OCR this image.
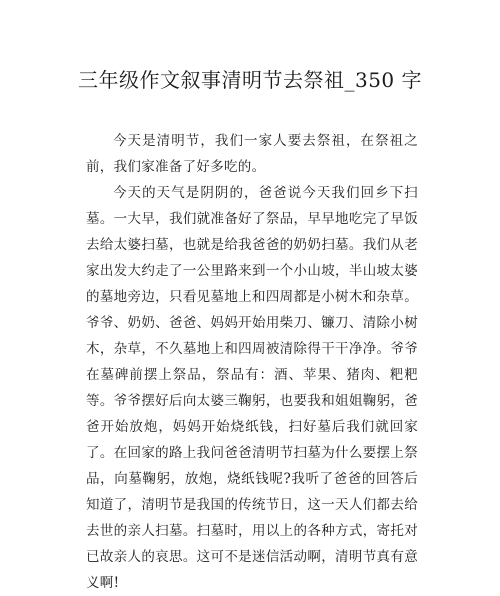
三年级作文叙事清明节去祭祖_350 字

今天是清明节，我们一家人要去祭祖，在祭祖之前，我们家准备了好多吃的。

今天的天气是阴阴的，爸爸说今天我们回乡下扫墓。一大早，我们就准备好了祭品，早早地吃完了早饭去给太婆扫墓，也就是给我爸爸的奶奶扫墓。我们从老家出发大约走了一公里路来到一个小山坡，半山坡太婆的墓地旁边，只看见墓地上和四周都是小树木和杂草。爷爷、奶奶、爸爸、妈妈开始用柴刀、镰刀、清除小树木，杂草，不久墓地上和四周被清除得干干净净。爷爷在墓碑前摆上祭品，祭品有：酒、苹果、猪肉、粑粑等。爷爷摆好后向太婆三鞠躬，也要我和姐姐鞠躬，爸爸开始放炮，妈妈开始烧纸钱，扫好墓后我们就回家了。在回家的路上我问爸爸清明节扫墓为什么要摆上祭品，向墓鞠躬，放炮，烧纸钱呢?我听了爸爸的回答后知道了，清明节是我国的传统节日，这一天人们都去给去世的亲人扫墓。扫墓时，用以上的各种方式，寄托对已故亲人的哀思。这可不是迷信活动啊，清明节真有意义啊!
